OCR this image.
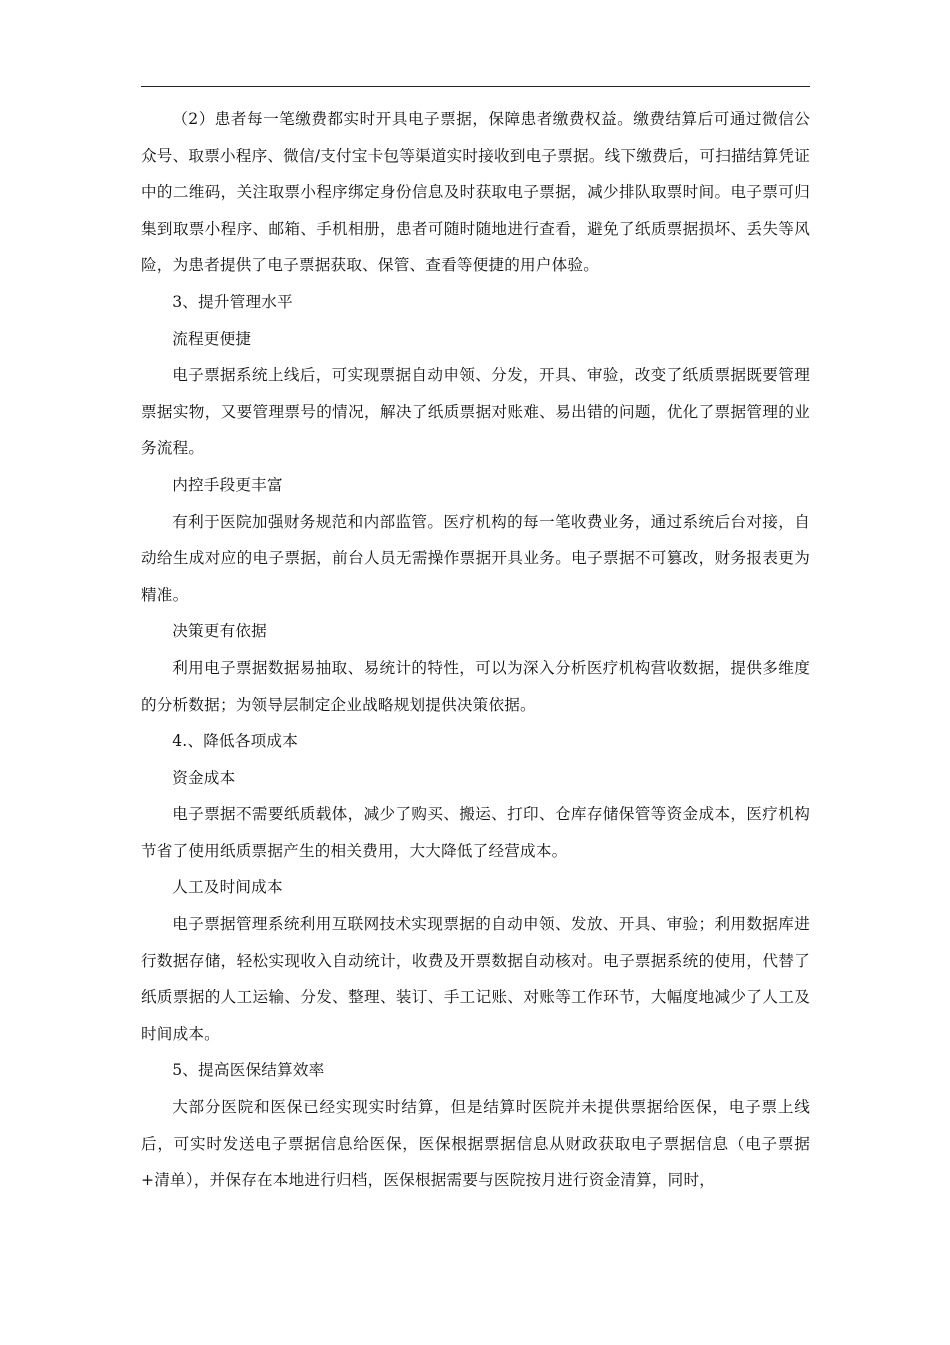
（2）患者每一笔缴费都实时开具电子票据，保障患者缴费权益。缴费结算后可通过微信公众号、取票小程序、微信/支付宝卡包等渠道实时接收到电子票据。线下缴费后，可扫描结算凭证中的二维码，关注取票小程序绑定身份信息及时获取电子票据，减少排队取票时间。电子票可归集到取票小程序、邮箱、手机相册，患者可随时随地进行查看，避免了纸质票据损坏、丢失等风险，为患者提供了电子票据获取、保管、查看等便捷的用户体验。

3、提升管理水平

流程更便捷

电子票据系统上线后，可实现票据自动申领、分发，开具、审验，改变了纸质票据既要管理票据实物，又要管理票号的情况，解决了纸质票据对账难、易出错的问题，优化了票据管理的业务流程。

内控手段更丰富

有利于医院加强财务规范和内部监管。医疗机构的每一笔收费业务，通过系统后台对接，自动给生成对应的电子票据，前台人员无需操作票据开具业务。电子票据不可篡改，财务报表更为精准。

决策更有依据

利用电子票据数据易抽取、易统计的特性，可以为深入分析医疗机构营收数据，提供多维度的分析数据；为领导层制定企业战略规划提供决策依据。

4.、降低各项成本

资金成本

电子票据不需要纸质载体，减少了购买、搬运、打印、仓库存储保管等资金成本，医疗机构节省了使用纸质票据产生的相关费用，大大降低了经营成本。

人工及时间成本

电子票据管理系统利用互联网技术实现票据的自动申领、发放、开具、审验；利用数据库进行数据存储，轻松实现收入自动统计，收费及开票数据自动核对。电子票据系统的使用，代替了纸质票据的人工运输、分发、整理、装订、手工记账、对账等工作环节，大幅度地减少了人工及时间成本。

5、提高医保结算效率

大部分医院和医保已经实现实时结算，但是结算时医院并未提供票据给医保，电子票上线后，可实时发送电子票据信息给医保，医保根据票据信息从财政获取电子票据信息（电子票据+清单），并保存在本地进行归档，医保根据需要与医院按月进行资金清算，同时，
